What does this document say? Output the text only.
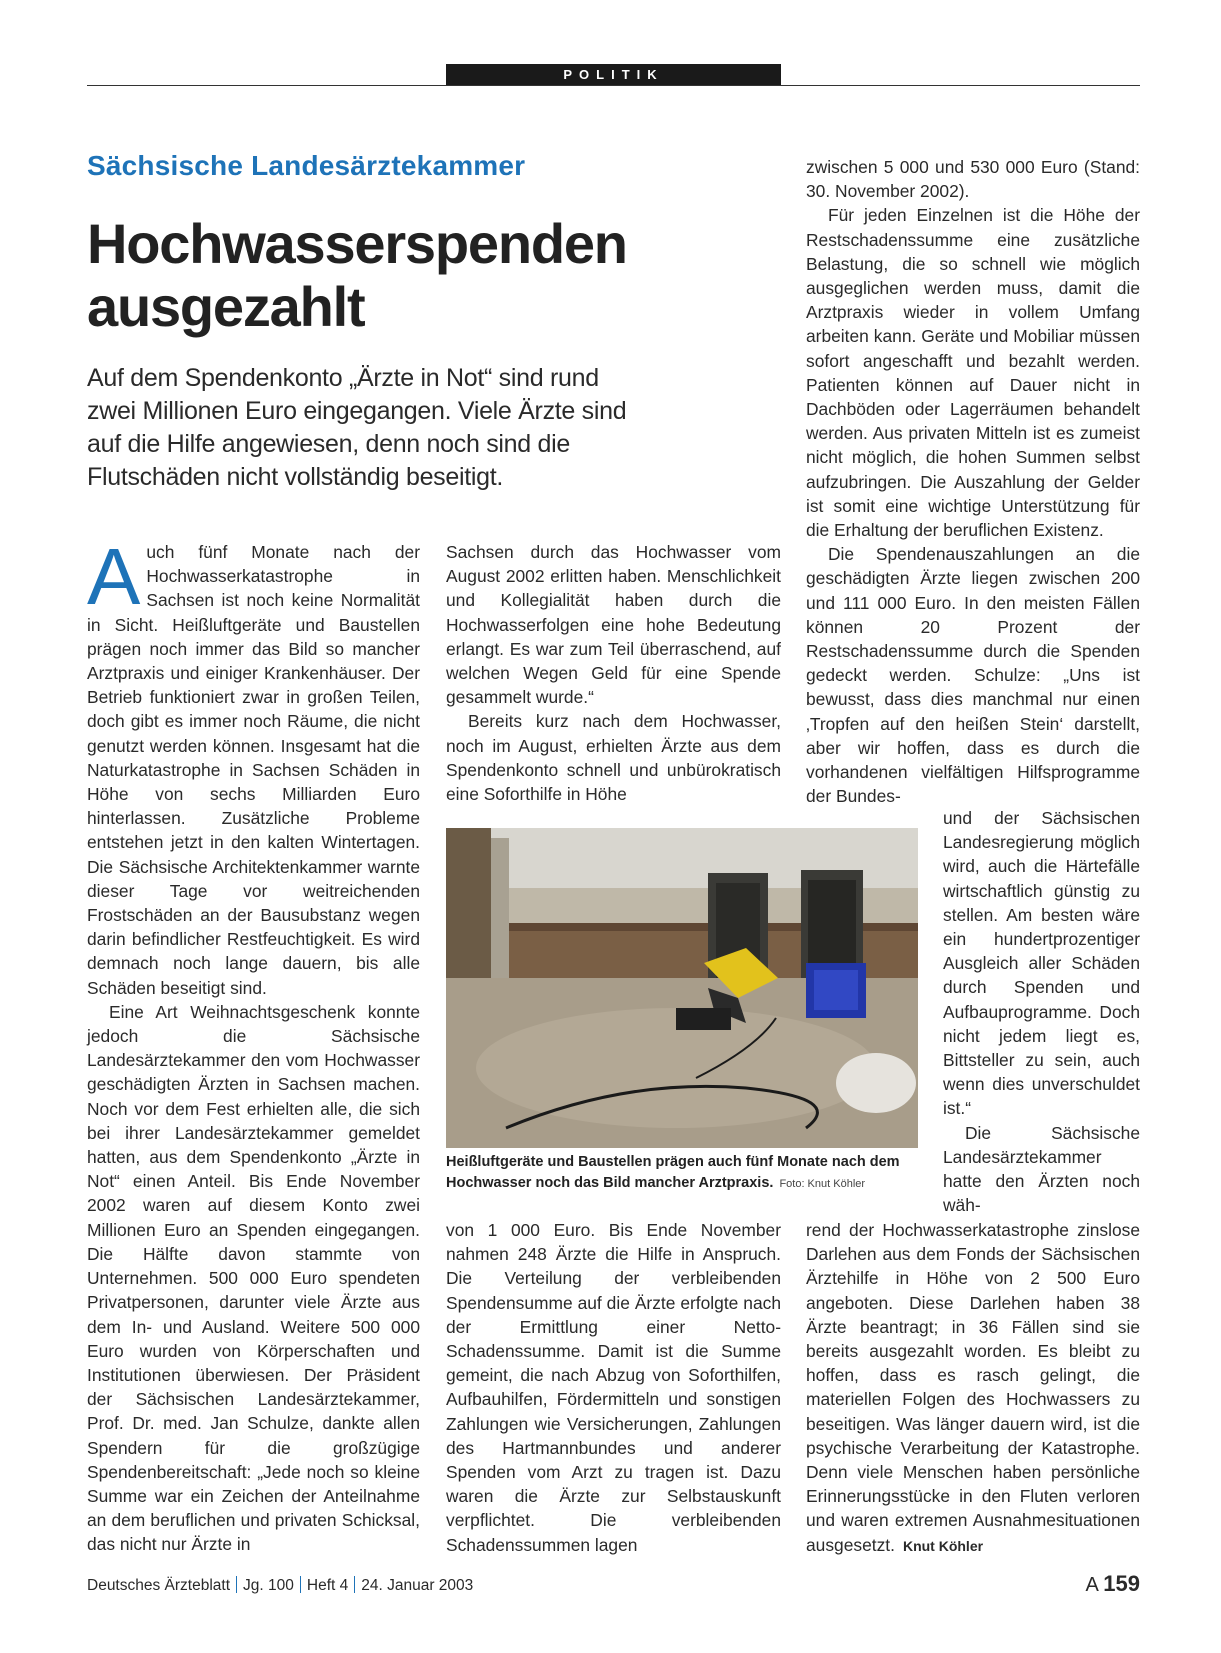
POLITIK
Sächsische Landesärztekammer
Hochwasserspenden ausgezahlt

Auf dem Spendenkonto „Ärzte in Not“ sind rund zwei Millionen Euro eingegangen. Viele Ärzte sind auf die Hilfe angewiesen, denn noch sind die Flutschäden nicht vollständig beseitigt.

Auch fünf Monate nach der Hochwasserkatastrophe in Sachsen ist noch keine Normalität in Sicht. Heißluftgeräte und Baustellen prägen noch immer das Bild so mancher Arztpraxis und einiger Krankenhäuser. Der Betrieb funktioniert zwar in großen Teilen, doch gibt es immer noch Räume, die nicht genutzt werden können. Insgesamt hat die Naturkatastrophe in Sachsen Schäden in Höhe von sechs Milliarden Euro hinterlassen. Zusätzliche Probleme entstehen jetzt in den kalten Wintertagen. Die Sächsische Architektenkammer warnte dieser Tage vor weitreichenden Frostschäden an der Bausubstanz wegen darin befindlicher Restfeuchtigkeit. Es wird demnach noch lange dauern, bis alle Schäden beseitigt sind.

Eine Art Weihnachtsgeschenk konnte jedoch die Sächsische Landesärztekammer den vom Hochwasser geschädigten Ärzten in Sachsen machen. Noch vor dem Fest erhielten alle, die sich bei ihrer Landesärztekammer gemeldet hatten, aus dem Spendenkonto „Ärzte in Not“ einen Anteil. Bis Ende November 2002 waren auf diesem Konto zwei Millionen Euro an Spenden eingegangen. Die Hälfte davon stammte von Unternehmen. 500 000 Euro spendeten Privatpersonen, darunter viele Ärzte aus dem In- und Ausland. Weitere 500 000 Euro wurden von Körperschaften und Institutionen überwiesen. Der Präsident der Sächsischen Landesärztekammer, Prof. Dr. med. Jan Schulze, dankte allen Spendern für die großzügige Spendenbereitschaft: „Jede noch so kleine Summe war ein Zeichen der Anteilnahme an dem beruflichen und privaten Schicksal, das nicht nur Ärzte in

Sachsen durch das Hochwasser vom August 2002 erlitten haben. Menschlichkeit und Kollegialität haben durch die Hochwasserfolgen eine hohe Bedeutung erlangt. Es war zum Teil überraschend, auf welchen Wegen Geld für eine Spende gesammelt wurde.“

Bereits kurz nach dem Hochwasser, noch im August, erhielten Ärzte aus dem Spendenkonto schnell und unbürokratisch eine Soforthilfe in Höhe

Heißluftgeräte und Baustellen prägen auch fünf Monate nach dem Hochwasser noch das Bild mancher Arztpraxis. Foto: Knut Köhler

von 1 000 Euro. Bis Ende November nahmen 248 Ärzte die Hilfe in Anspruch. Die Verteilung der verbleibenden Spendensumme auf die Ärzte erfolgte nach der Ermittlung einer Netto-Schadenssumme. Damit ist die Summe gemeint, die nach Abzug von Soforthilfen, Aufbauhilfen, Fördermitteln und sonstigen Zahlungen wie Versicherungen, Zahlungen des Hartmannbundes und anderer Spenden vom Arzt zu tragen ist. Dazu waren die Ärzte zur Selbstauskunft verpflichtet. Die verbleibenden Schadenssummen lagen

zwischen 5 000 und 530 000 Euro (Stand: 30. November 2002).

Für jeden Einzelnen ist die Höhe der Restschadenssumme eine zusätzliche Belastung, die so schnell wie möglich ausgeglichen werden muss, damit die Arztpraxis wieder in vollem Umfang arbeiten kann. Geräte und Mobiliar müssen sofort angeschafft und bezahlt werden. Patienten können auf Dauer nicht in Dachböden oder Lagerräumen behandelt werden. Aus privaten Mitteln ist es zumeist nicht möglich, die hohen Summen selbst aufzubringen. Die Auszahlung der Gelder ist somit eine wichtige Unterstützung für die Erhaltung der beruflichen Existenz.

Die Spendenauszahlungen an die geschädigten Ärzte liegen zwischen 200 und 111 000 Euro. In den meisten Fällen können 20 Prozent der Restschadenssumme durch die Spenden gedeckt werden. Schulze: „Uns ist bewusst, dass dies manchmal nur einen ‚Tropfen auf den heißen Stein‘ darstellt, aber wir hoffen, dass es durch die vorhandenen vielfältigen Hilfsprogramme der Bundes-

und der Sächsischen Landesregierung möglich wird, auch die Härtefälle wirtschaftlich günstig zu stellen. Am besten wäre ein hundertprozentiger Ausgleich aller Schäden durch Spenden und Aufbauprogramme. Doch nicht jedem liegt es, Bittsteller zu sein, auch wenn dies unverschuldet ist.“

Die Sächsische Landesärztekammer hatte den Ärzten noch wäh-

rend der Hochwasserkatastrophe zinslose Darlehen aus dem Fonds der Sächsischen Ärztehilfe in Höhe von 2 500 Euro angeboten. Diese Darlehen haben 38 Ärzte beantragt; in 36 Fällen sind sie bereits ausgezahlt worden. Es bleibt zu hoffen, dass es rasch gelingt, die materiellen Folgen des Hochwassers zu beseitigen. Was länger dauern wird, ist die psychische Verarbeitung der Katastrophe. Denn viele Menschen haben persönliche Erinnerungsstücke in den Fluten verloren und waren extremen Ausnahmesituationen ausgesetzt. Knut Köhler

Deutsches Ärzteblatt Jg. 100 Heft 4 24. Januar 2003	A 159
